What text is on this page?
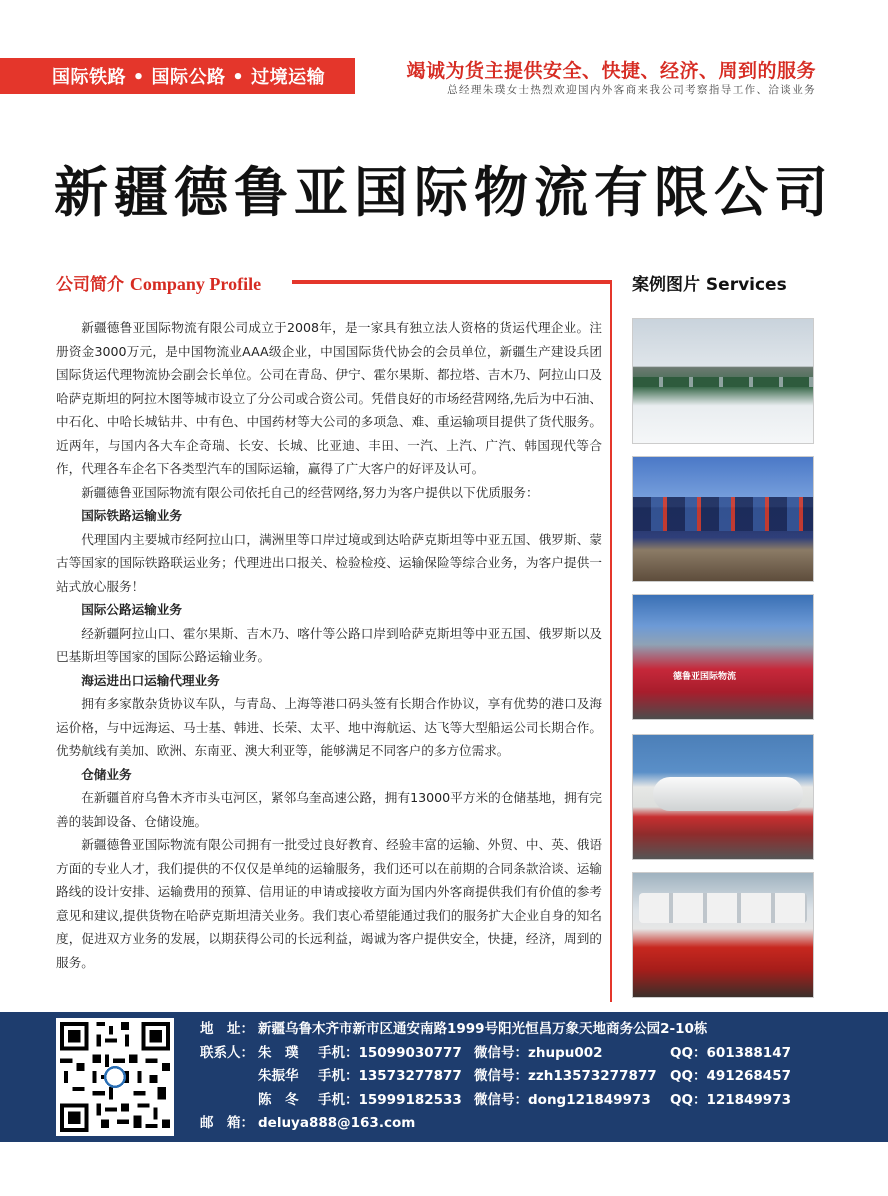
国际铁路 • 国际公路 • 过境运输	竭诚为货主提供安全、快捷、经济、周到的服务
总经理朱璞女士热烈欢迎国内外客商来我公司考察指导工作、洽谈业务
新疆德鲁亚国际物流有限公司
公司简介 Company Profile	案例图片 Services

新疆德鲁亚国际物流有限公司成立于2008年，是一家具有独立法人资格的货运代理企业。注册资金3000万元，是中国物流业AAA级企业，中国国际货代协会的会员单位，新疆生产建设兵团国际货运代理物流协会副会长单位。公司在青岛、伊宁、霍尔果斯、都拉塔、吉木乃、阿拉山口及哈萨克斯坦的阿拉木图等城市设立了分公司或合资公司。凭借良好的市场经营网络,先后为中石油、中石化、中哈长城钻井、中有色、中国药材等大公司的多项急、难、重运输项目提供了货代服务。近两年，与国内各大车企奇瑞、长安、长城、比亚迪、丰田、一汽、上汽、广汽、韩国现代等合作，代理各车企名下各类型汽车的国际运输，赢得了广大客户的好评及认可。

新疆德鲁亚国际物流有限公司依托自己的经营网络,努力为客户提供以下优质服务：

国际铁路运输业务

代理国内主要城市经阿拉山口，满洲里等口岸过境或到达哈萨克斯坦等中亚五国、俄罗斯、蒙古等国家的国际铁路联运业务；代理进出口报关、检验检疫、运输保险等综合业务，为客户提供一站式放心服务！

国际公路运输业务

经新疆阿拉山口、霍尔果斯、吉木乃、喀什等公路口岸到哈萨克斯坦等中亚五国、俄罗斯以及巴基斯坦等国家的国际公路运输业务。

海运进出口运输代理业务

拥有多家散杂货协议车队，与青岛、上海等港口码头签有长期合作协议，享有优势的港口及海运价格，与中远海运、马士基、韩进、长荣、太平、地中海航运、达飞等大型船运公司长期合作。优势航线有美加、欧洲、东南亚、澳大利亚等，能够满足不同客户的多方位需求。

仓储业务

在新疆首府乌鲁木齐市头屯河区，紧邻乌奎高速公路，拥有13000平方米的仓储基地，拥有完善的装卸设备、仓储设施。

新疆德鲁亚国际物流有限公司拥有一批受过良好教育、经验丰富的运输、外贸、中、英、俄语方面的专业人才，我们提供的不仅仅是单纯的运输服务，我们还可以在前期的合同条款洽谈、运输路线的设计安排、运输费用的预算、信用证的申请或接收方面为国内外客商提供我们有价值的参考意见和建议,提供货物在哈萨克斯坦清关业务。我们衷心希望能通过我们的服务扩大企业自身的知名度，促进双方业务的发展，以期获得公司的长远利益，竭诚为客户提供安全，快捷，经济，周到的服务。

德鲁亚国际物流
地　址： 新疆乌鲁木齐市新市区通安南路1999号阳光恒昌万象天地商务公园2-10栋
联系人： 朱　璞	手机：15099030777 微信号：zhupu002	QQ：601388147
朱振华	手机：13573277877 微信号：zzh13573277877 QQ：491268457
陈　冬	手机：15999182533 微信号：dong121849973	QQ：121849973
邮　箱： deluya888@163.com
